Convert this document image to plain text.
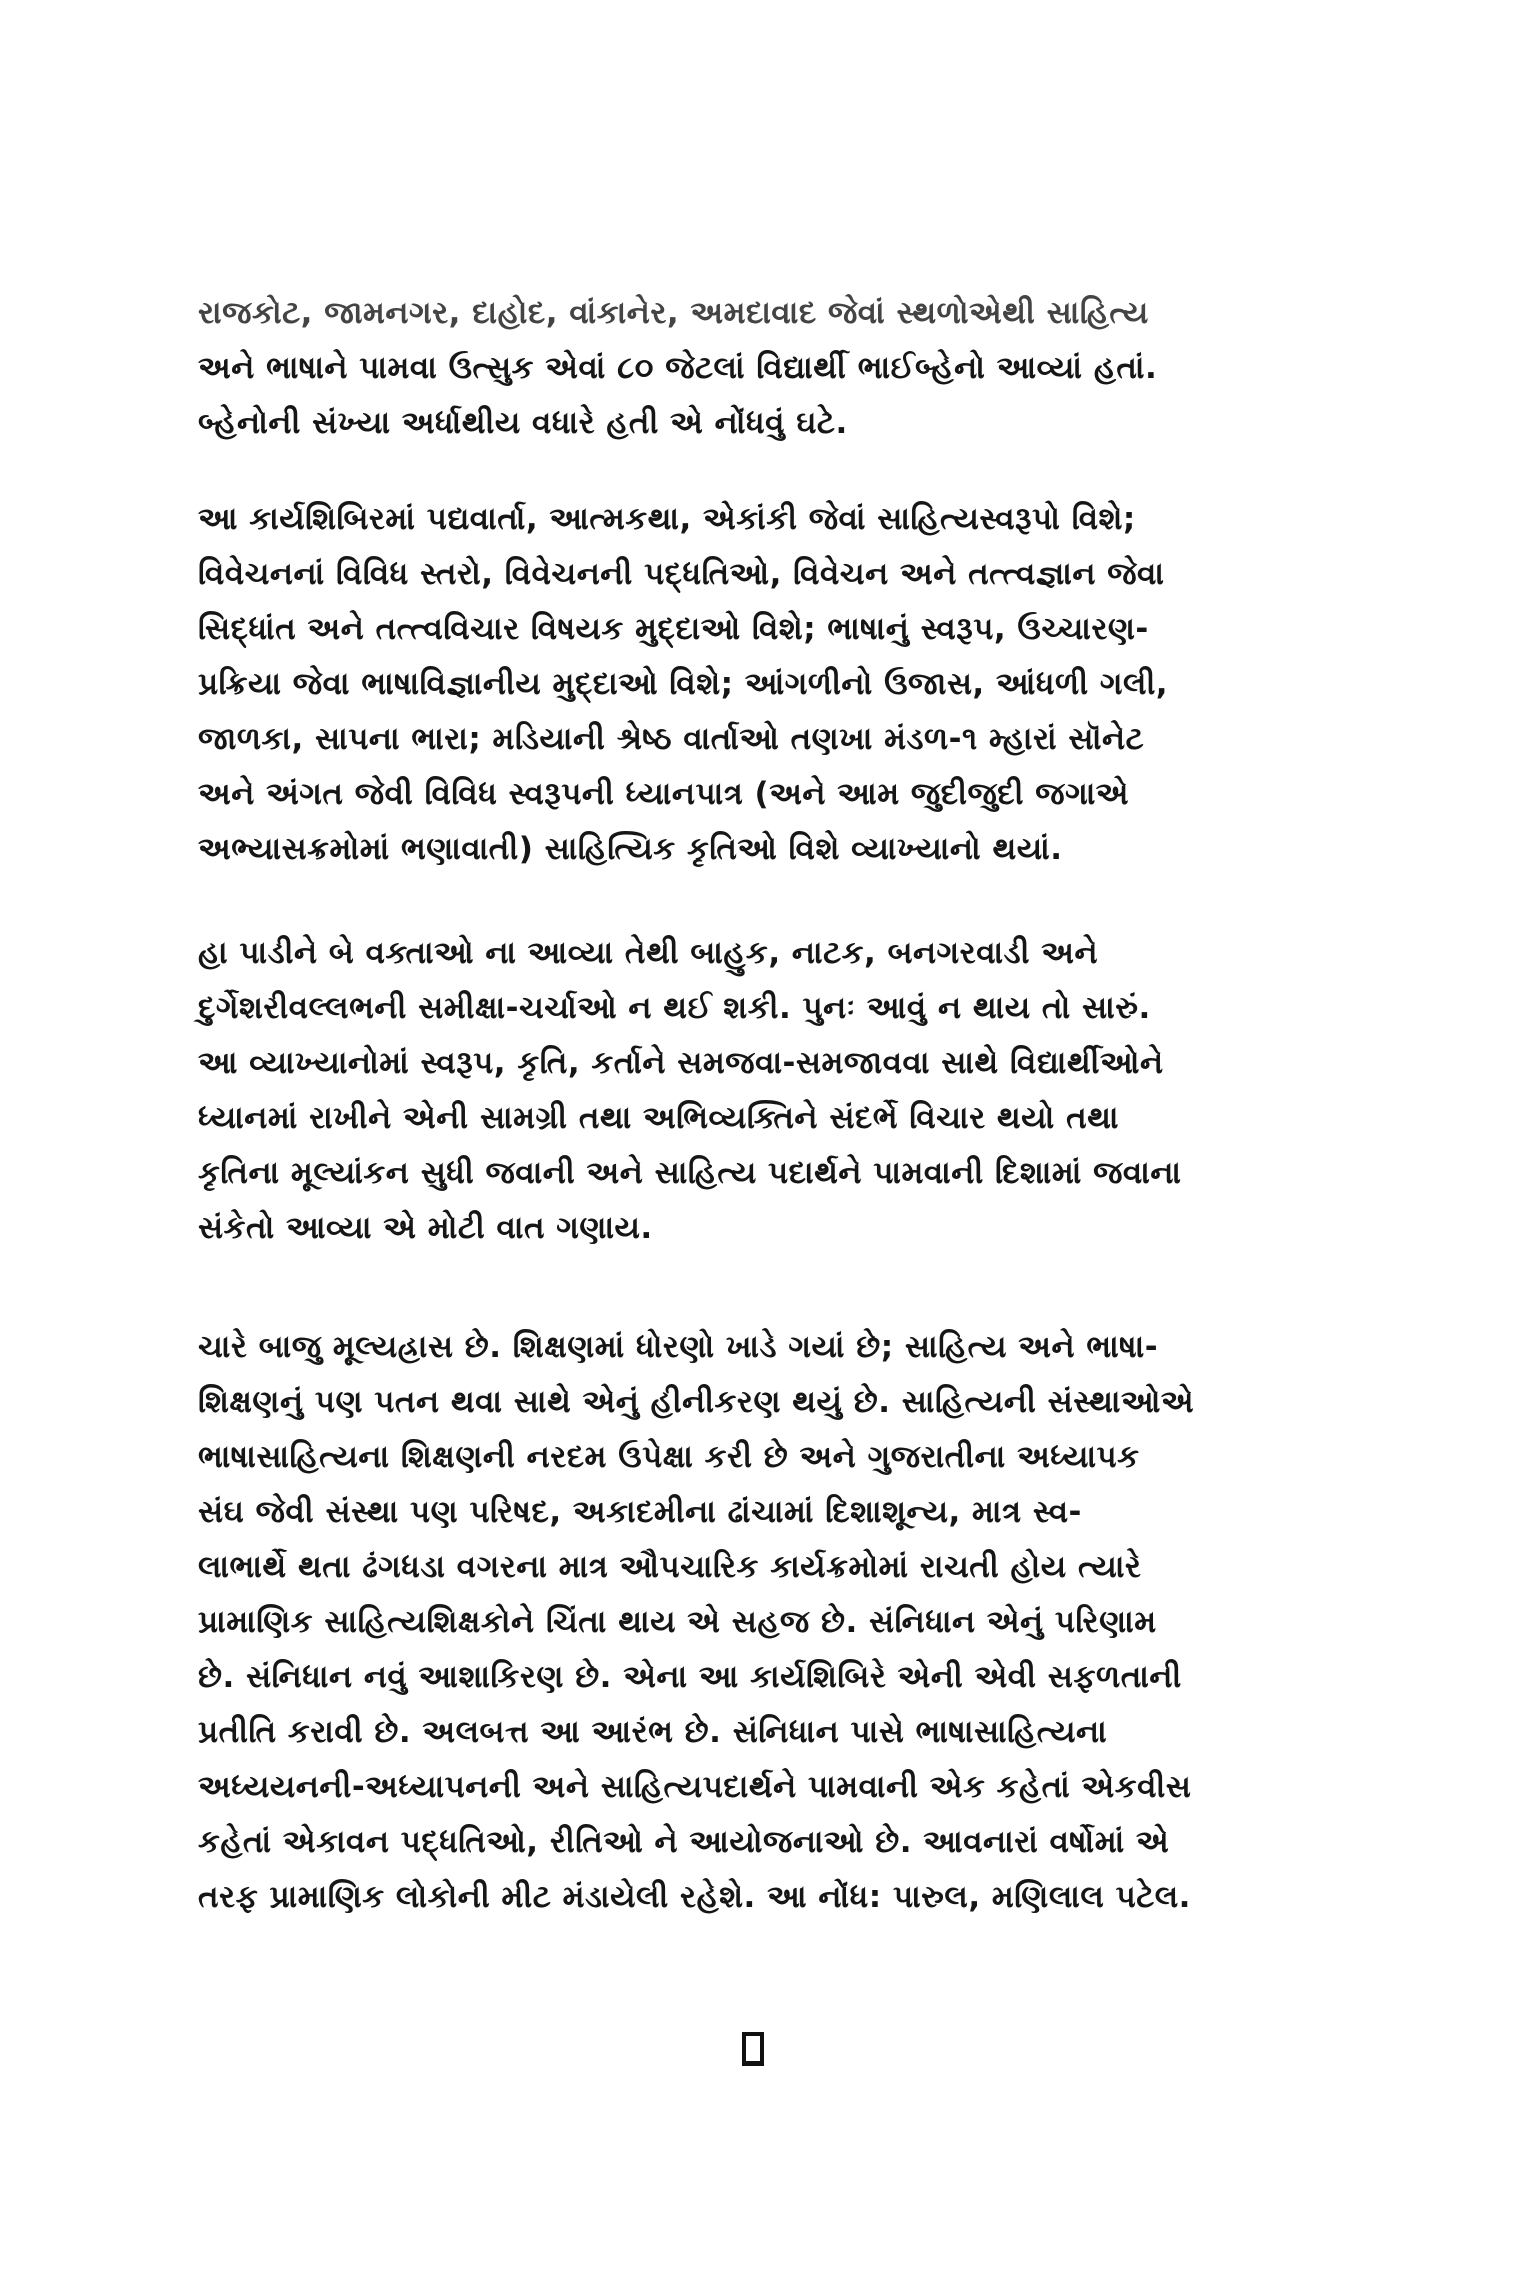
રાજકોટ, જામનગર, દાહોદ, વાંકાનેર, અમદાવાદ જેવાં સ્થળોએથી સાહિત્ય
અને ભાષાને પામવા ઉત્સુક એવાં ૮૦ જેટલાં વિદ્યાર્થી ભાઈબ્હેનો આવ્યાં હતાં.
બ્હેનોની સંખ્યા અર્ધાથીય વધારે હતી એ નોંધવું ઘટે.
આ કાર્યશિબિરમાં પદ્યવાર્તા, આત્મકથા, એકાંકી જેવાં સાહિત્યસ્વરૂપો વિશે;
વિવેચનનાં વિવિધ સ્તરો, વિવેચનની પદ્ધતિઓ, વિવેચન અને તત્ત્વજ્ઞાન જેવા
સિદ્ધાંત અને તત્ત્વવિચાર વિષયક મુદ્દાઓ વિશે; ભાષાનું સ્વરૂપ, ઉચ્ચારણ-
પ્રક્રિયા જેવા ભાષાવિજ્ઞાનીય મુદ્દાઓ વિશે; આંગળીનો ઉજાસ, આંધળી ગલી,
જાળકા, સાપના ભારા; મડિયાની શ્રેષ્ઠ વાર્તાઓ તણખા મંડળ-૧ મ્હારાં સૉનેટ
અને અંગત જેવી વિવિધ સ્વરૂપની ધ્યાનપાત્ર (અને આમ જુદીજુદી જગાએ
અભ્યાસક્રમોમાં ભણાવાતી) સાહિત્યિક કૃતિઓ વિશે વ્યાખ્યાનો થયાં.
હા પાડીને બે વક્તાઓ ના આવ્યા તેથી બાહુક, નાટક, બનગરવાડી અને
દુર્ગેશરીવલ્લભની સમીક્ષા-ચર્ચાઓ ન થઈ શકી. પુનઃ આવું ન થાય તો સારું.
આ વ્યાખ્યાનોમાં સ્વરૂપ, કૃતિ, કર્તાને સમજવા-સમજાવવા સાથે વિદ્યાર્થીઓને
ધ્યાનમાં રાખીને એની સામગ્રી તથા અભિવ્યક્તિને સંદર્ભે વિચાર થયો તથા
કૃતિના મૂલ્યાંકન સુધી જવાની અને સાહિત્ય પદાર્થને પામવાની દિશામાં જવાના
સંકેતો આવ્યા એ મોટી વાત ગણાય.
ચારે બાજુ મૂલ્યહ્રાસ છે. શિક્ષણમાં ધોરણો ખાડે ગયાં છે; સાહિત્ય અને ભાષા-
શિક્ષણનું પણ પતન થવા સાથે એનું હીનીકરણ થયું છે. સાહિત્યની સંસ્થાઓએ
ભાષાસાહિત્યના શિક્ષણની નરદમ ઉપેક્ષા કરી છે અને ગુજરાતીના અધ્યાપક
સંઘ જેવી સંસ્થા પણ પરિષદ, અકાદમીના ઢાંચામાં દિશાશૂન્ય, માત્ર સ્વ-
લાભાર્થે થતા ઢંગધડા વગરના માત્ર ઔપચારિક કાર્યક્રમોમાં રાચતી હોય ત્યારે
પ્રામાણિક સાહિત્યશિક્ષકોને ચિંતા થાય એ સહજ છે. સંનિધાન એનું પરિણામ
છે. સંનિધાન નવું આશાકિરણ છે. એના આ કાર્યશિબિરે એની એવી સફળતાની
પ્રતીતિ કરાવી છે. અલબત્ત આ આરંભ છે. સંનિધાન પાસે ભાષાસાહિત્યના
અધ્યયનની-અધ્યાપનની અને સાહિત્યપદાર્થને પામવાની એક કહેતાં એકવીસ
કહેતાં એકાવન પદ્ધતિઓ, રીતિઓ ને આયોજનાઓ છે. આવનારાં વર્ષોમાં એ
તરફ પ્રામાણિક લોકોની મીટ મંડાયેલી રહેશે. આ નોંધ: પારુલ, મણિલાલ પટેલ.
